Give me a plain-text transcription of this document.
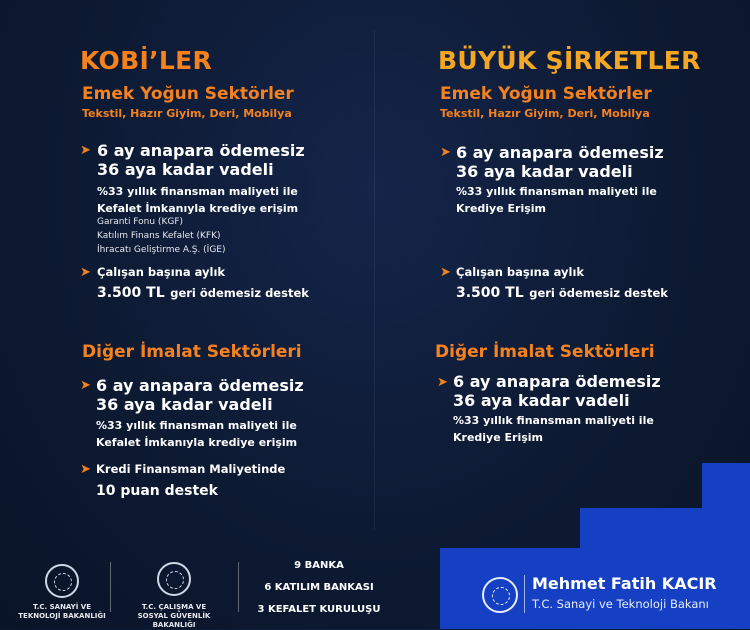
KOBİ’LER
Emek Yoğun Sektörler
Tekstil, Hazır Giyim, Deri, Mobilya
➤ 6 ay anapara ödemesiz
36 aya kadar vadeli
%33 yıllık finansman maliyeti ile
Kefalet İmkanıyla krediye erişim
Garanti Fonu (KGF)
Katılım Finans Kefalet (KFK)
İhracatı Geliştirme A.Ş. (İGE)
➤ Çalışan başına aylık
3.500 TL geri ödemesiz destek
Diğer İmalat Sektörleri
➤ 6 ay anapara ödemesiz
36 aya kadar vadeli
%33 yıllık finansman maliyeti ile
Kefalet İmkanıyla krediye erişim
➤ Kredi Finansman Maliyetinde
10 puan destek
BÜYÜK ŞİRKETLER
Emek Yoğun Sektörler
Tekstil, Hazır Giyim, Deri, Mobilya
➤ 6 ay anapara ödemesiz
36 aya kadar vadeli
%33 yıllık finansman maliyeti ile
Krediye Erişim
➤ Çalışan başına aylık
3.500 TL geri ödemesiz destek
Diğer İmalat Sektörleri
➤ 6 ay anapara ödemesiz
36 aya kadar vadeli
%33 yıllık finansman maliyeti ile
Krediye Erişim
T.C. SANAYİ VE
TEKNOLOJİ BAKANLIĞI
T.C. ÇALIŞMA VE
SOSYAL GÜVENLİK BAKANLIĞI
9 BANKA
6 KATILIM BANKASI
3 KEFALET KURULUŞU
Mehmet Fatih KACIR
T.C. Sanayi ve Teknoloji Bakanı
